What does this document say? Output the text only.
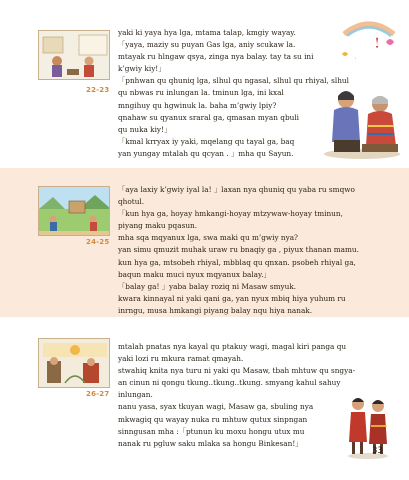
22-23
24-25
26-27
yaki ki yaya hya lga, mtama talap, kmgiy wayay.
「yaya, maziy su puyan Gas lga, aniy scukaw la.
mtayak ru hlngaw qsya, zinga nya balay. tay ta su ini
k’gwiy kiy!」
「pnhwan qu qhuniq lga, slhul qu ngasal, slhul qu rhiyal, slhul
qu nbwas ru inlungan la. tminun lga, ini kxal
mngihuy qu hgwinuk la. baha m’gwiy lpiy?
qnahaw su qyanux sraral ga, qmasan myan qbuli
qu nuka kiy!」
「kmal krryax iy yaki, mqelang qu tayal ga, baq
yan yungay mtalah qu qcyan . 」mha qu Sayun.
「aya laxiy k’gwiy iyal la! 」laxan nya qhuniq qu yaba ru smqwo
qhotul.
「kun hya ga, hoyay hmkangi-hoyay mtzywaw-hoyay tminun,
piyang maku pqasun.
mha sqa mqyanux lga, swa maki qu m’gwiy nya?
yan simu qmuzit muhak uraw ru bnaqiy ga , piyux thanan mamu.
kun hya ga, mtsobeh rhiyal, mbblaq qu qnxan. psobeh rhiyal ga,
baqun maku muci nyux mqyanux balay.」
「balay ga! 」yaba balay roziq ni Masaw smyuk.
kwara kinnayal ni yaki qani ga, yan nyux mbiq hiya yuhum ru
inrngu, musa hmkangi piyang balay nqu hiya nanak.
mtalah pnatas nya kayal qu ptakuy wagi, magal kiri panga qu
yaki lozi ru mkura ramat qmayah.
stwahiq knita nya turu ni yaki qu Masaw, tbah mhtuw qu sngya-
an cinun ni qongu tkung..tkung..tkung. smyang kahul sahuy
inlungan.
nanu yasa, syax tkuyan wagi, Masaw ga, sbuling nya
mkwagiq qu wayay nuka ru mhtuw qutux sinpngan
sinngusan mha :「ptunun ku moxu hongu utux mu
nanak ru pgluw saku mlaka sa hongu Binkesan!」
飛吧!
彩虹蝶
33
